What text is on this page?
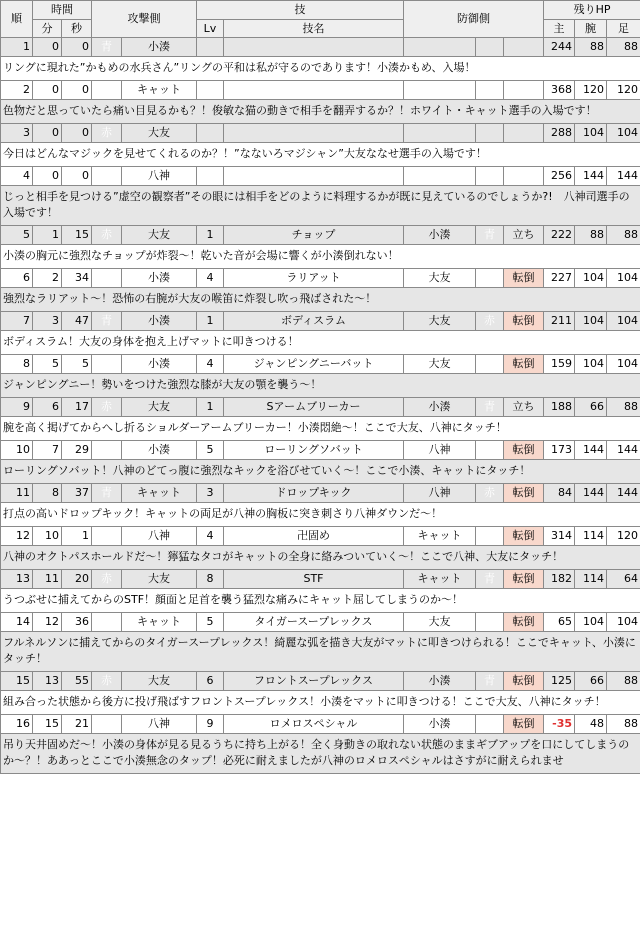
順	時間		攻撃側		技		防御側			残りHP		
	分	秒			Lv	技名				主	腕	足
1	0	0	青	小湊						244	88	88
リングに現れた”かもめの水兵さん”リングの平和は私が守るのであります！小湊かもめ、入場！												
2	0	0	青	キャット						368	120	120
色物だと思っていたら痛い目見るかも？！俊敏な猫の動きで相手を翻弄するか？！ホワイト・キャット選手の入場です！												
3	0	0	赤	大友						288	104	104
今日はどんなマジックを見せてくれるのか？！”なないろマジシャン”大友ななせ選手の入場です！												
4	0	0	赤	八神						256	144	144
じっと相手を見つける”虚空の観察者”その眼には相手をどのように料理するかが既に見えているのでしょうか?!　八神司選手の入場です！												
5	1	15	赤	大友	1	チョップ	小湊	青	立ち	222	88	88
小湊の胸元に強烈なチョップが炸裂～！乾いた音が会場に響くが小湊倒れない！												
6	2	34	青	小湊	4	ラリアット	大友	赤	転倒	227	104	104
強烈なラリアット～！恐怖の右腕が大友の喉笛に炸裂し吹っ飛ばされた～！												
7	3	47	青	小湊	1	ボディスラム	大友	赤	転倒	211	104	104
ボディスラム！大友の身体を抱え上げマットに叩きつける！												
8	5	5	青	小湊	4	ジャンピングニーバット	大友	赤	転倒	159	104	104
ジャンピングニー！勢いをつけた強烈な膝が大友の顎を襲う～！												
9	6	17	赤	大友	1	Sアームブリーカー	小湊	青	立ち	188	66	88
腕を高く掲げてからへし折るショルダーアームブリーカー！小湊悶絶～！ここで大友、八神にタッチ！												
10	7	29	青	小湊	5	ローリングソバット	八神	赤	転倒	173	144	144
ローリングソバット！八神のどてっ腹に強烈なキックを浴びせていく～！ここで小湊、キャットにタッチ！												
11	8	37	青	キャット	3	ドロップキック	八神	赤	転倒	84	144	144
打点の高いドロップキック！キャットの両足が八神の胸板に突き刺さり八神ダウンだ～！												
12	10	1	赤	八神	4	卍固め	キャット	青	転倒	314	114	120
八神のオクトパスホールドだ～！獰猛なタコがキャットの全身に絡みついていく～！ここで八神、大友にタッチ！												
13	11	20	赤	大友	8	STF	キャット	青	転倒	182	114	64
うつぶせに捕えてからのSTF！顔面と足首を襲う猛烈な痛みにキャット屈してしまうのか～！												
14	12	36	青	キャット	5	タイガースープレックス	大友	赤	転倒	65	104	104
フルネルソンに捕えてからのタイガースープレックス！綺麗な弧を描き大友がマットに叩きつけられる！ここでキャット、小湊にタッチ！												
15	13	55	赤	大友	6	フロントスープレックス	小湊	青	転倒	125	66	88
組み合った状態から後方に投げ飛ばすフロントスープレックス！小湊をマットに叩きつける！ここで大友、八神にタッチ！												
16	15	21	赤	八神	9	ロメロスペシャル	小湊	青	転倒	-35	48	88
吊り天井固めだ～！小湊の身体が見る見るうちに持ち上がる！全く身動きの取れない状態のままギブアップを口にしてしまうのか～？！ああっとここで小湊無念のタップ！必死に耐えましたが八神のロメロスペシャルはさすがに耐えられませ												
